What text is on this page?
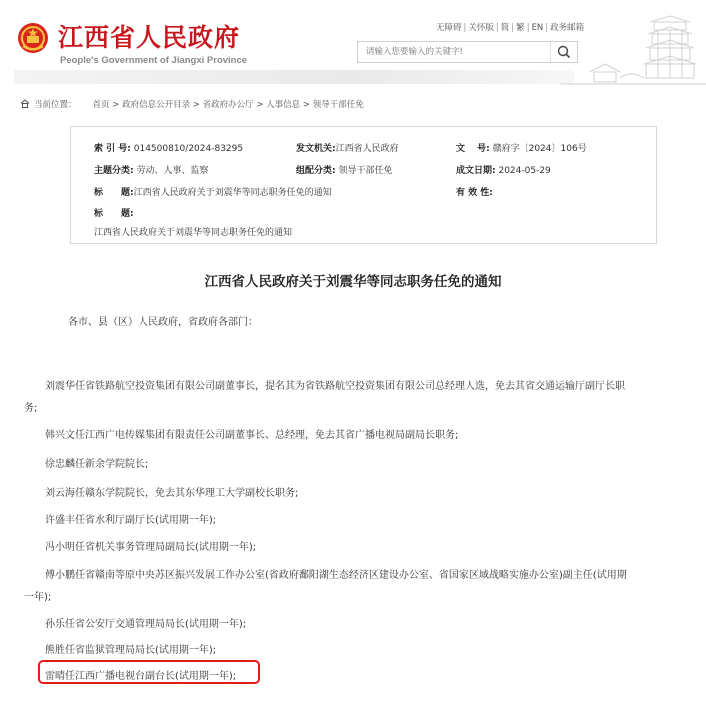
江西省人民政府
People's Government of Jiangxi Province
无障碍 | 关怀版 | 简 | 繁 | EN | 政务邮箱
请输入您要输入的关键字!
当前位置： 首页 > 政府信息公开目录 > 省政府办公厅 > 人事信息 > 领导干部任免
索 引 号: 014500810/2024-83295	发文机关:江西省人民政府	文　 号: 赣府字〔2024〕106号
主题分类: 劳动、人事、监察	组配分类: 领导干部任免	成文日期: 2024-05-29
标　　题:江西省人民政府关于刘震华等同志职务任免的通知	有 效 性:
标　　题:
江西省人民政府关于刘震华等同志职务任免的通知
江西省人民政府关于刘震华等同志职务任免的通知
各市、县（区）人民政府，省政府各部门：
刘震华任省铁路航空投资集团有限公司副董事长，提名其为省铁路航空投资集团有限公司总经理人选，免去其省交通运输厅副厅长职
务;
韩兴文任江西广电传媒集团有限责任公司副董事长、总经理，免去其省广播电视局副局长职务;
徐忠麟任新余学院院长;
刘云海任赣东学院院长，免去其东华理工大学副校长职务;
许盛丰任省水利厅副厅长(试用期一年);
冯小明任省机关事务管理局副局长(试用期一年);
傅小鹏任省赣南等原中央苏区振兴发展工作办公室(省政府鄱阳湖生态经济区建设办公室、省国家区域战略实施办公室)副主任(试用期
一年);
孙乐任省公安厅交通管理局局长(试用期一年);
熊胜任省监狱管理局局长(试用期一年);
雷晴任江西广播电视台副台长(试用期一年);
